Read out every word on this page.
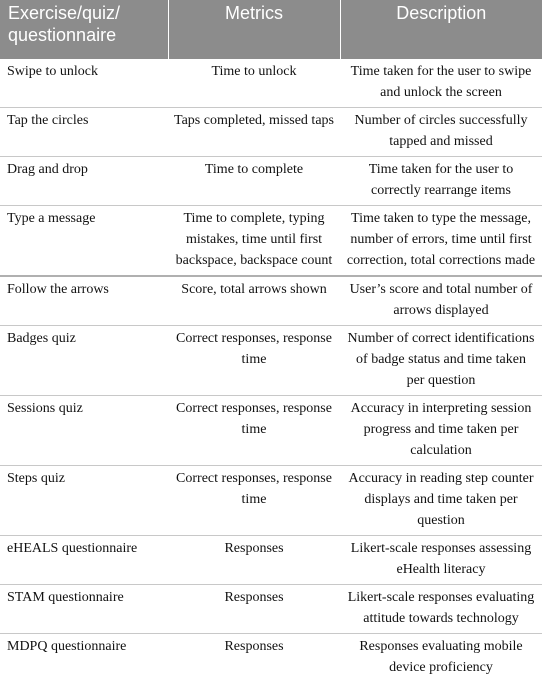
Exercise/quiz/ questionnaire	Metrics	Description
Swipe to unlock	Time to unlock	Time taken for the user to swipe and unlock the screen
Tap the circles	Taps completed, missed taps	Number of circles successfully tapped and missed
Drag and drop	Time to complete	Time taken for the user to correctly rearrange items
Type a message	Time to complete, typing mistakes, time until first backspace, backspace count	Time taken to type the message, number of errors, time until first correction, total corrections made
Follow the arrows	Score, total arrows shown	User’s score and total number of arrows displayed
Badges quiz	Correct responses, response time	Number of correct identifications of badge status and time taken per question
Sessions quiz	Correct responses, response time	Accuracy in interpreting session progress and time taken per calculation
Steps quiz	Correct responses, response time	Accuracy in reading step counter displays and time taken per question
eHEALS questionnaire	Responses	Likert-scale responses assessing eHealth literacy
STAM questionnaire	Responses	Likert-scale responses evaluating attitude towards technology
MDPQ questionnaire	Responses	Responses evaluating mobile device proficiency
